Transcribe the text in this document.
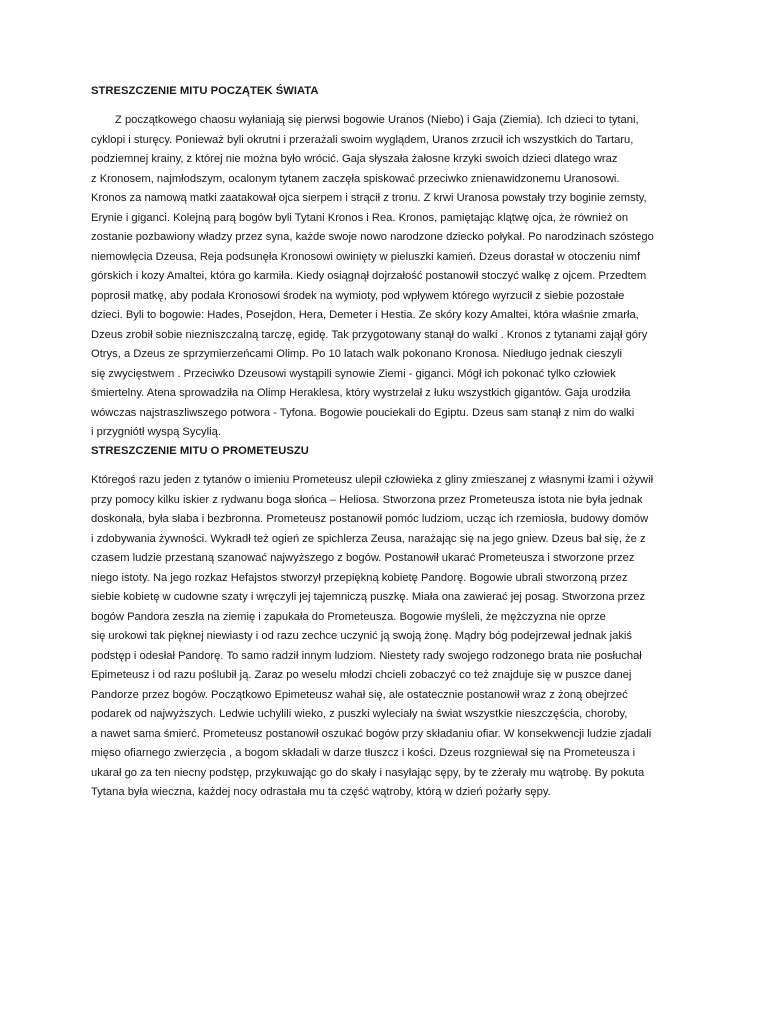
STRESZCZENIE MITU POCZĄTEK ŚWIATA

Z początkowego chaosu wyłaniają się pierwsi bogowie Uranos (Niebo) i Gaja (Ziemia). Ich dzieci to tytani,
cyklopi i sturęcy. Ponieważ byli okrutni i przerażali swoim wyglądem, Uranos zrzucił ich wszystkich do Tartaru,
podziemnej krainy, z której nie można było wrócić. Gaja słyszała żałosne krzyki swoich dzieci dlatego wraz
z Kronosem, najmłodszym, ocalonym tytanem zaczęła spiskować przeciwko znienawidzonemu Uranosowi.
Kronos za namową matki zaatakował ojca sierpem i strącił z tronu. Z krwi Uranosa powstały trzy boginie zemsty,
Erynie i giganci. Kolejną parą bogów byli Tytani Kronos i Rea. Kronos, pamiętając klątwę ojca, że również on
zostanie pozbawiony władzy przez syna, każde swoje nowo narodzone dziecko połykał. Po narodzinach szóstego
niemowlęcia Dzeusa, Reja podsunęła Kronosowi owinięty w pieluszki kamień. Dzeus dorastał w otoczeniu nimf
górskich i kozy Amaltei, która go karmiła. Kiedy osiągnął dojrzałość postanowił stoczyć walkę z ojcem. Przedtem
poprosił matkę, aby podała Kronosowi środek na wymioty, pod wpływem którego wyrzucił z siebie pozostałe
dzieci. Byli to bogowie: Hades, Posejdon, Hera, Demeter i Hestia. Ze skóry kozy Amaltei, która właśnie zmarła,
Dzeus zrobił sobie niezniszczalną tarczę, egidę. Tak przygotowany stanął do walki . Kronos z tytanami zajął góry
Otrys, a Dzeus ze sprzymierzeńcami Olimp. Po 10 latach walk pokonano Kronosa. Niedługo jednak cieszyli
się zwycięstwem . Przeciwko Dzeusowi wystąpili synowie Ziemi - giganci. Mógł ich pokonać tylko człowiek
śmiertelny. Atena sprowadziła na Olimp Heraklesa, który wystrzelał z łuku wszystkich gigantów. Gaja urodziła
wówczas najstraszliwszego potwora - Tyfona. Bogowie pouciekali do Egiptu. Dzeus sam stanął z nim do walki
i przygniótł wyspą Sycylią.

STRESZCZENIE MITU O PROMETEUSZU

Któregoś razu jeden z tytanów o imieniu Prometeusz ulepił człowieka z gliny zmieszanej z własnymi łzami i ożywił
przy pomocy kilku iskier z rydwanu boga słońca – Heliosa. Stworzona przez Prometeusza istota nie była jednak
doskonała, była słaba i bezbronna. Prometeusz postanowił pomóc ludziom, ucząc ich rzemiosła, budowy domów
i zdobywania żywności. Wykradł też ogień ze spichlerza Zeusa, narażając się na jego gniew. Dzeus bał się, że z
czasem ludzie przestaną szanować najwyższego z bogów. Postanowił ukarać Prometeusza i stworzone przez
niego istoty. Na jego rozkaz Hefajstos stworzył przepiękną kobietę Pandorę. Bogowie ubrali stworzoną przez
siebie kobietę w cudowne szaty i wręczyli jej tajemniczą puszkę. Miała ona zawierać jej posag. Stworzona przez
bogów Pandora zeszła na ziemię i zapukała do Prometeusza. Bogowie myśleli, że mężczyzna nie oprze
się urokowi tak pięknej niewiasty i od razu zechce uczynić ją swoją żonę. Mądry bóg podejrzewał jednak jakiś
podstęp i odesłał Pandorę. To samo radził innym ludziom. Niestety rady swojego rodzonego brata nie posłuchał
Epimeteusz i od razu poślubił ją. Zaraz po weselu młodzi chcieli zobaczyć co też znajduje się w puszce danej
Pandorze przez bogów. Początkowo Epimeteusz wahał się, ale ostatecznie postanowił wraz z żoną obejrzeć
podarek od najwyższych. Ledwie uchylili wieko, z puszki wyleciały na świat wszystkie nieszczęścia, choroby,
a nawet sama śmierć. Prometeusz postanowił oszukać bogów przy składaniu ofiar. W konsekwencji ludzie zjadali
mięso ofiarnego zwierzęcia , a bogom składali w darze tłuszcz i kości. Dzeus rozgniewał się na Prometeusza i
ukarał go za ten niecny podstęp, przykuwając go do skały i nasyłając sępy, by te zżerały mu wątrobę. By pokuta
Tytana była wieczna, każdej nocy odrastała mu ta część wątroby, którą w dzień pożarły sępy.
